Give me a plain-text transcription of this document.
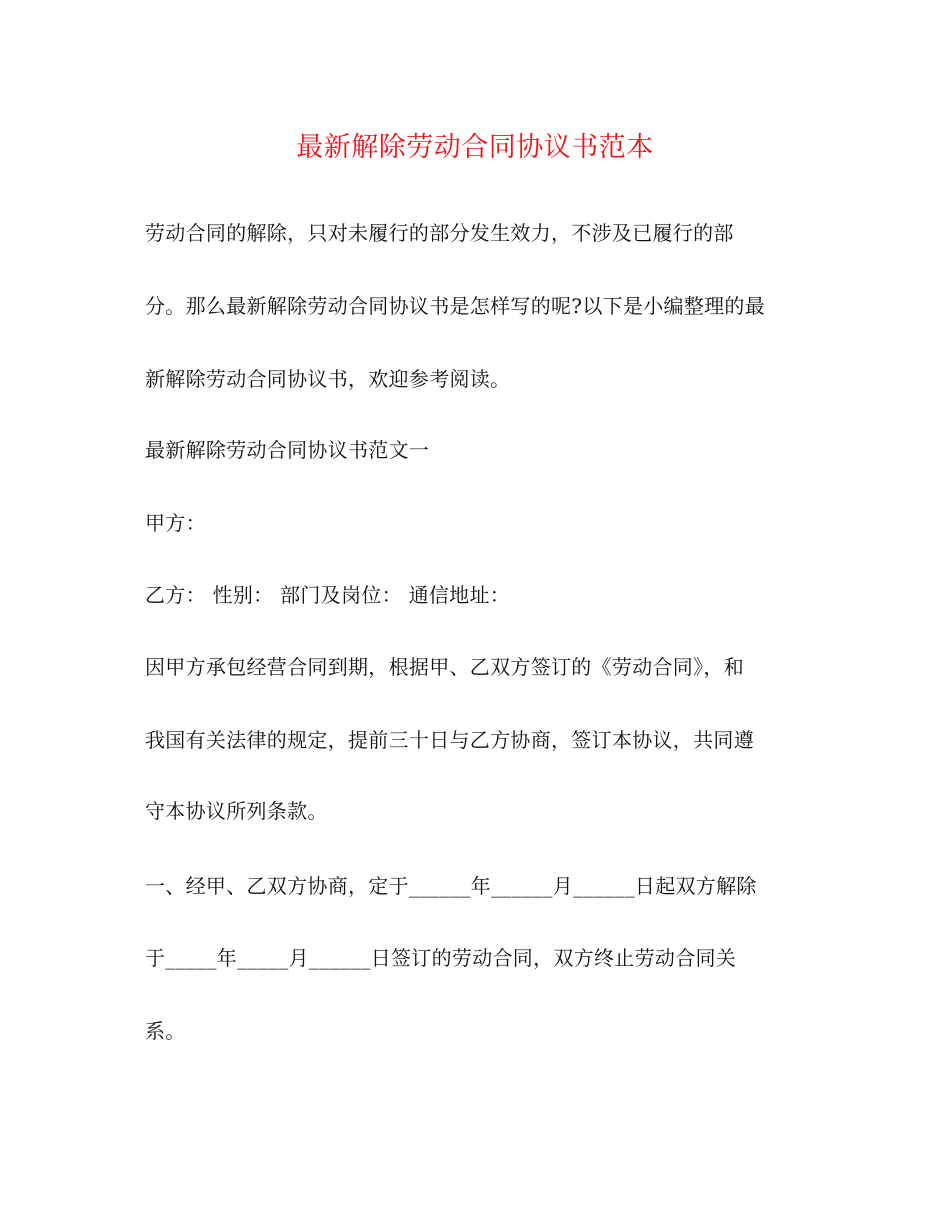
最新解除劳动合同协议书范本
劳动合同的解除，只对未履行的部分发生效力，不涉及已履行的部
分。那么最新解除劳动合同协议书是怎样写的呢?以下是小编整理的最
新解除劳动合同协议书，欢迎参考阅读。
最新解除劳动合同协议书范文一
甲方：
乙方： 性别： 部门及岗位： 通信地址：
因甲方承包经营合同到期，根据甲、乙双方签订的《劳动合同》，和
我国有关法律的规定，提前三十日与乙方协商，签订本协议，共同遵
守本协议所列条款。
一、经甲、乙双方协商，定于______年______月______日起双方解除
于_____年_____月______日签订的劳动合同，双方终止劳动合同关
系。
